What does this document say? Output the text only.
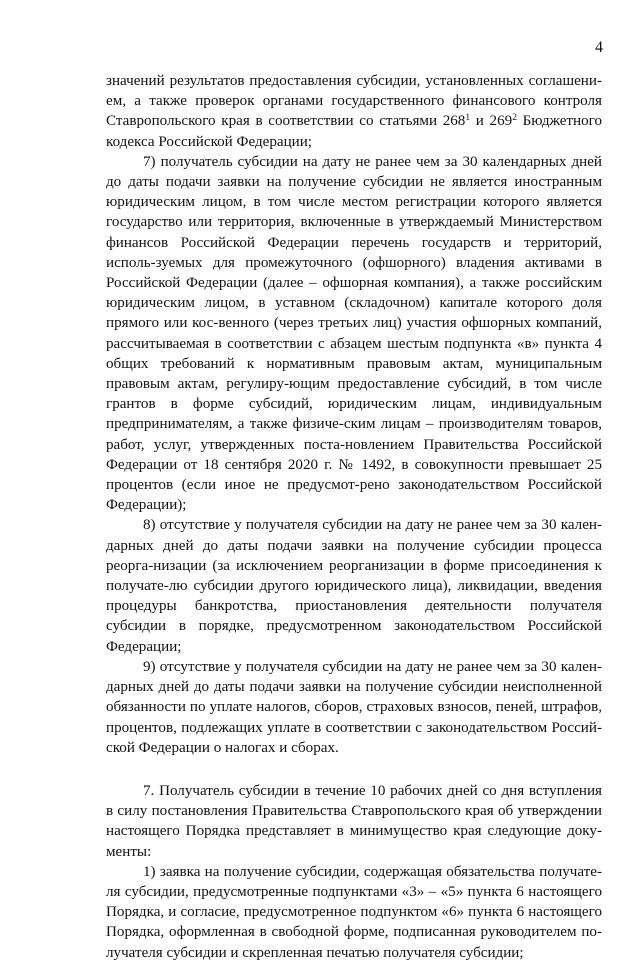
4

значений результатов предоставления субсидии, установленных соглашени-ем, а также проверок органами государственного финансового контроля Ставропольского края в соответствии со статьями $268^1$ и $269^2$ Бюджетного кодекса Российской Федерации;

7) получатель субсидии на дату не ранее чем за 30 календарных дней до даты подачи заявки на получение субсидии не является иностранным юридическим лицом, в том числе местом регистрации которого является государство или территория, включенные в утверждаемый Министерством финансов Российской Федерации перечень государств и территорий, исполь-зуемых для промежуточного (офшорного) владения активами в Российской Федерации (далее – офшорная компания), а также российским юридическим лицом, в уставном (складочном) капитале которого доля прямого или кос-венного (через третьих лиц) участия офшорных компаний, рассчитываемая в соответствии с абзацем шестым подпункта «в» пункта 4 общих требований к нормативным правовым актам, муниципальным правовым актам, регулиру-ющим предоставление субсидий, в том числе грантов в форме субсидий, юридическим лицам, индивидуальным предпринимателям, а также физиче-ским лицам – производителям товаров, работ, услуг, утвержденных поста-новлением Правительства Российской Федерации от 18 сентября 2020 г. № 1492, в совокупности превышает 25 процентов (если иное не предусмот-рено законодательством Российской Федерации);

8) отсутствие у получателя субсидии на дату не ранее чем за 30 кален-дарных дней до даты подачи заявки на получение субсидии процесса реорга-низации (за исключением реорганизации в форме присоединения к получате-лю субсидии другого юридического лица), ликвидации, введения процедуры банкротства, приостановления деятельности получателя субсидии в порядке, предусмотренном законодательством Российской Федерации;

9) отсутствие у получателя субсидии на дату не ранее чем за 30 кален-дарных дней до даты подачи заявки на получение субсидии неисполненной обязанности по уплате налогов, сборов, страховых взносов, пеней, штрафов, процентов, подлежащих уплате в соответствии с законодательством Россий-ской Федерации о налогах и сборах.

7. Получатель субсидии в течение 10 рабочих дней со дня вступления в силу постановления Правительства Ставропольского края об утверждении настоящего Порядка представляет в минимущество края следующие доку-менты:

1) заявка на получение субсидии, содержащая обязательства получате-ля субсидии, предусмотренные подпунктами «3» – «5» пункта 6 настоящего Порядка, и согласие, предусмотренное подпунктом «6» пункта 6 настоящего Порядка, оформленная в свободной форме, подписанная руководителем по-лучателя субсидии и скрепленная печатью получателя субсидии;
